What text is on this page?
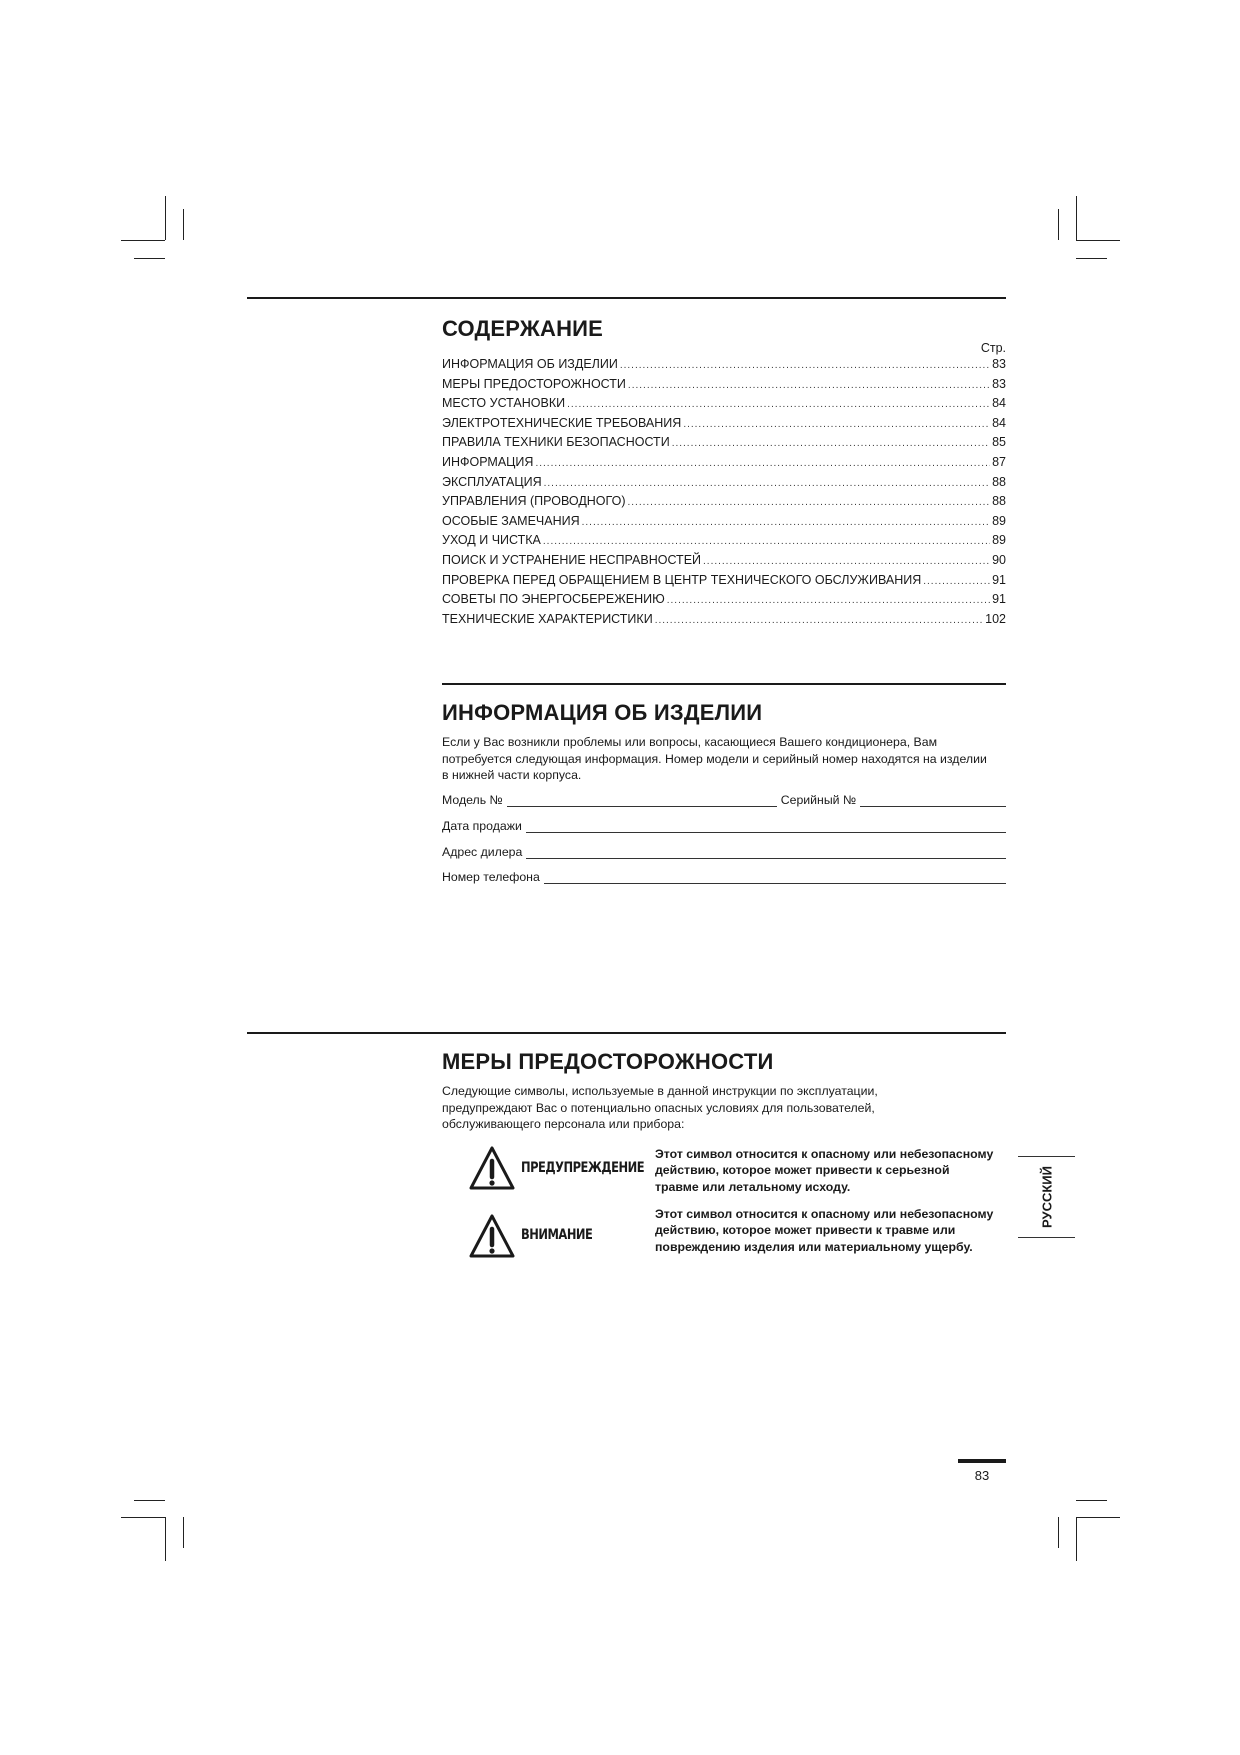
СОДЕРЖАНИЕ
Стр.
ИНФОРМАЦИЯ ОБ ИЗДЕЛИИ .....	83
МЕРЫ ПРЕДОСТОРОЖНОСТИ .....	83
МЕСТО УСТАНОВКИ .....	84
ЭЛЕКТРОТЕХНИЧЕСКИЕ ТРЕБОВАНИЯ .....	84
ПРАВИЛА ТЕХНИКИ БЕЗОПАСНОСТИ .....	85
ИНФОРМАЦИЯ .....	87
ЭКСПЛУАТАЦИЯ .....	88
УПРАВЛЕНИЯ (ПРОВОДНОГО) .....	88
ОСОБЫЕ ЗАМЕЧАНИЯ .....	89
УХОД И ЧИСТКА .....	89
ПОИСК И УСТРАНЕНИЕ НЕСПРАВНОСТЕЙ .....	90
ПРОВЕРКА ПЕРЕД ОБРАЩЕНИЕМ В ЦЕНТР ТЕХНИЧЕСКОГО ОБСЛУЖИВАНИЯ .....	91
СОВЕТЫ ПО ЭНЕРГОСБЕРЕЖЕНИЮ .....	91
ТЕХНИЧЕСКИЕ ХАРАКТЕРИСТИКИ .....	102
ИНФОРМАЦИЯ ОБ ИЗДЕЛИИ
Если у Вас возникли проблемы или вопросы, касающиеся Вашего кондиционера, Вам потребуется следующая информация. Номер модели и серийный номер находятся на изделии в нижней части корпуса.
Модель №	Серийный №
Дата продажи
Адрес дилера
Номер телефона
МЕРЫ ПРЕДОСТОРОЖНОСТИ
Следующие символы, используемые в данной инструкции по эксплуатации, предупреждают Вас о потенциально опасных условиях для пользователей, обслуживающего персонала или прибора:
ПРЕДУПРЕЖДЕНИЕ
Этот символ относится к опасному или небезопасному действию, которое может привести к серьезной травме или летальному исходу.
ВНИМАНИЕ
Этот символ относится к опасному или небезопасному действию, которое может привести к травме или повреждению изделия или материальному ущербу.
РУССКИЙ
83
